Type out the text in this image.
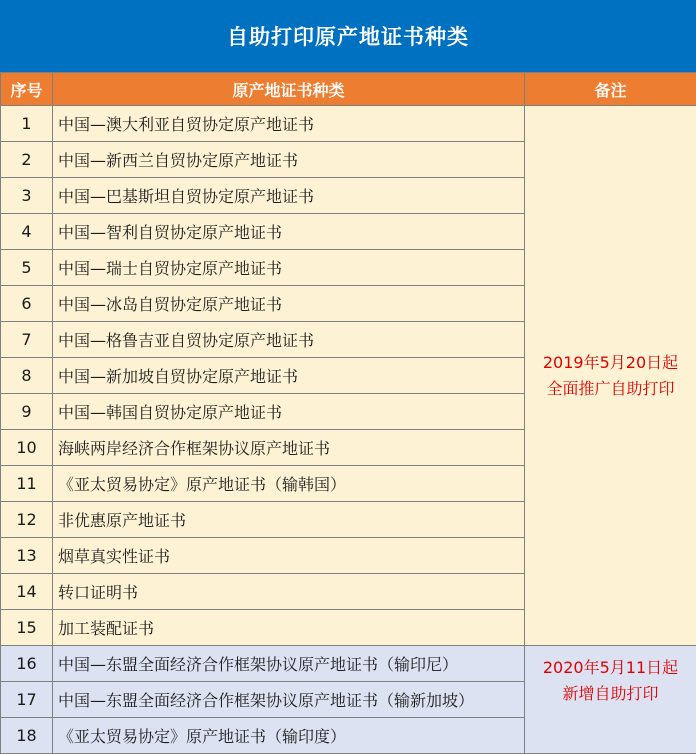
自助打印原产地证书种类
序号	原产地证书种类	备注
1	中国—澳大利亚自贸协定原产地证书	2019年5月20日起
全面推广自助打印

2	中国—新西兰自贸协定原产地证书	
3	中国—巴基斯坦自贸协定原产地证书	
4	中国—智利自贸协定原产地证书	
5	中国—瑞士自贸协定原产地证书	
6	中国—冰岛自贸协定原产地证书	
7	中国—格鲁吉亚自贸协定原产地证书	
8	中国—新加坡自贸协定原产地证书	
9	中国—韩国自贸协定原产地证书	
10	海峡两岸经济合作框架协议原产地证书	
11	《亚太贸易协定》原产地证书（输韩国）	
12	非优惠原产地证书	
13	烟草真实性证书	
14	转口证明书	
15	加工装配证书	
16	中国—东盟全面经济合作框架协议原产地证书（输印尼）	2020年5月11日起
新增自助打印

17	中国—东盟全面经济合作框架协议原产地证书（输新加坡）	
18	《亚太贸易协定》原产地证书（输印度）	
